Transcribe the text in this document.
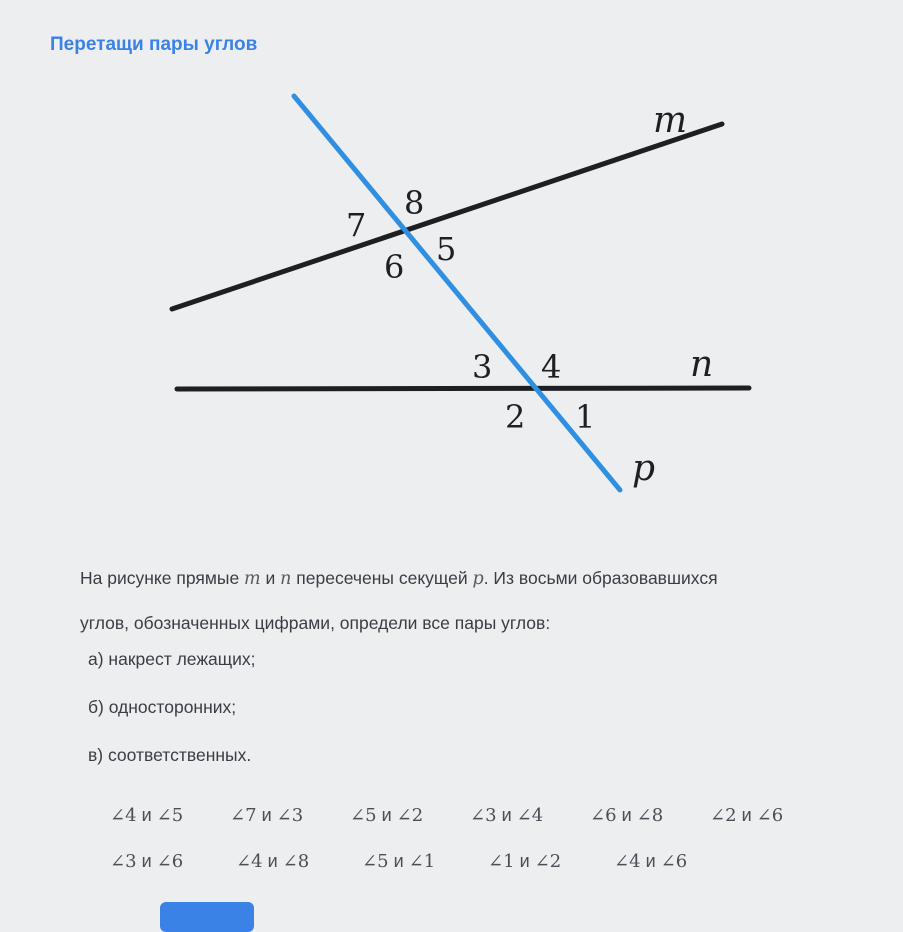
Перетащи пары углов
m
n
p
7
8
6 5
3 4
2 1
На рисунке прямые m и n пересечены секущей p. Из восьми образовавшихся
углов, обозначенных цифрами, определи все пары углов:
а) накрест лежащих;
б) односторонних;
в) соответственных.
∠4 и ∠5	∠7 и ∠3	∠5 и ∠2	∠3 и ∠4	∠6 и ∠8	∠2 и ∠6
∠3 и ∠6	∠4 и ∠8	∠5 и ∠1	∠1 и ∠2	∠4 и ∠6
